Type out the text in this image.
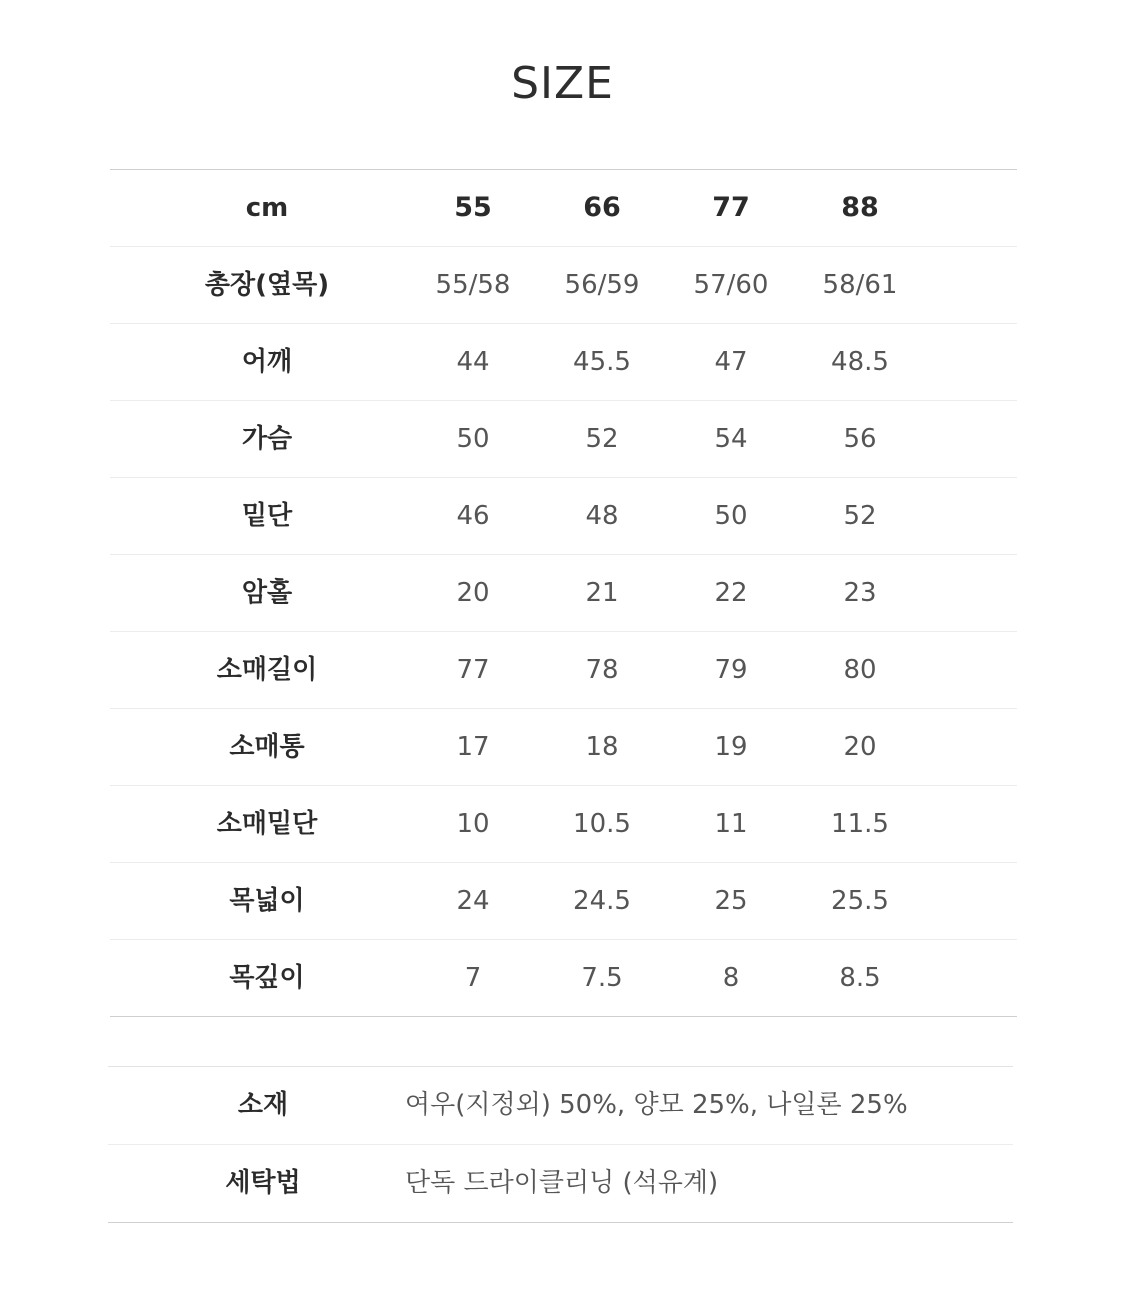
SIZE
cm	55	66	77	88
총장(옆목)	55/58	56/59	57/60	58/61
어깨	44	45.5	47	48.5
가슴	50	52	54	56
밑단	46	48	50	52
암홀	20	21	22	23
소매길이	77	78	79	80
소매통	17	18	19	20
소매밑단	10	10.5	11	11.5
목넓이	24	24.5	25	25.5
목깊이	7	7.5	8	8.5
소재	여우(지정외) 50%, 양모 25%, 나일론 25%
세탁법	단독 드라이클리닝 (석유계)
